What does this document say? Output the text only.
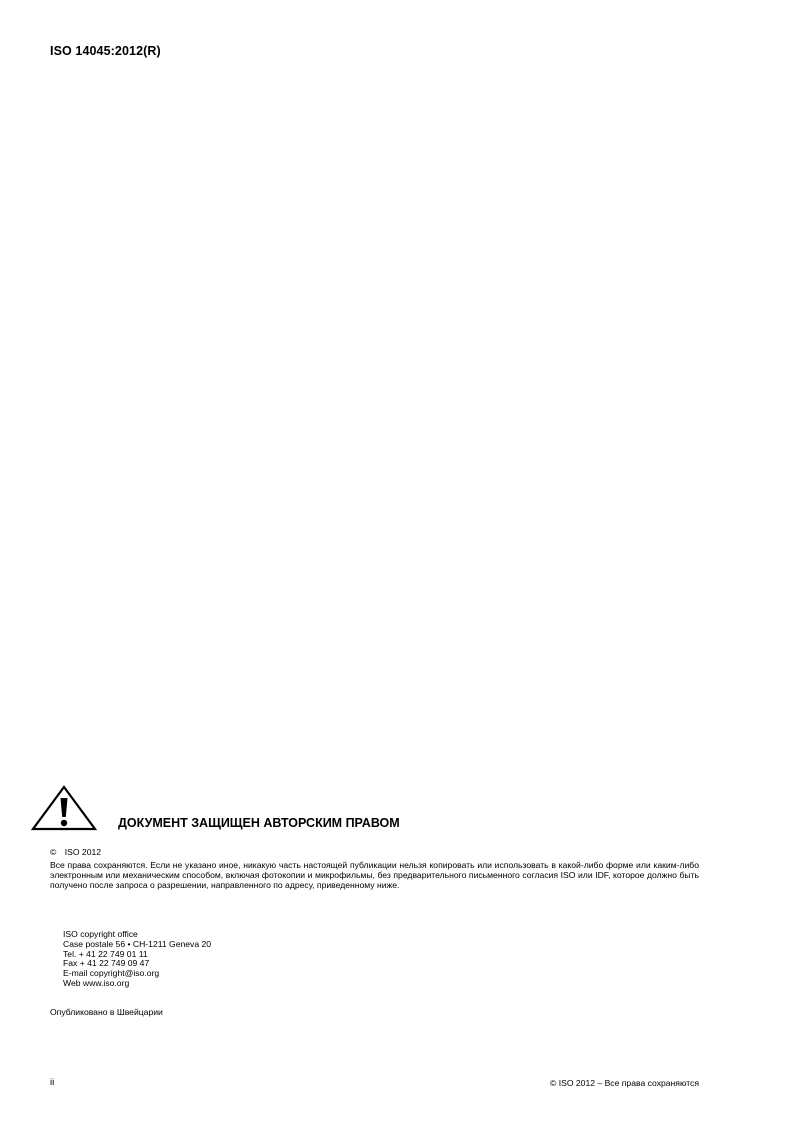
ISO 14045:2012(R)
ДОКУМЕНТ ЗАЩИЩЕН АВТОРСКИМ ПРАВОМ
© ISO 2012
Все права сохраняются. Если не указано иное, никакую часть настоящей публикации нельзя копировать или использовать в какой-либо форме или каким-либо электронным или механическим способом, включая фотокопии и микрофильмы, без предварительного письменного согласия ISO или IDF, которое должно быть получено после запроса о разрешении, направленного по адресу, приведенному ниже.
ISO copyright office
Case postale 56 • CH-1211 Geneva 20
Tel. + 41 22 749 01 11
Fax + 41 22 749 09 47
E-mail copyright@iso.org
Web www.iso.org
Опубликовано в Швейцарии
ii	© ISO 2012 – Все права сохраняются
